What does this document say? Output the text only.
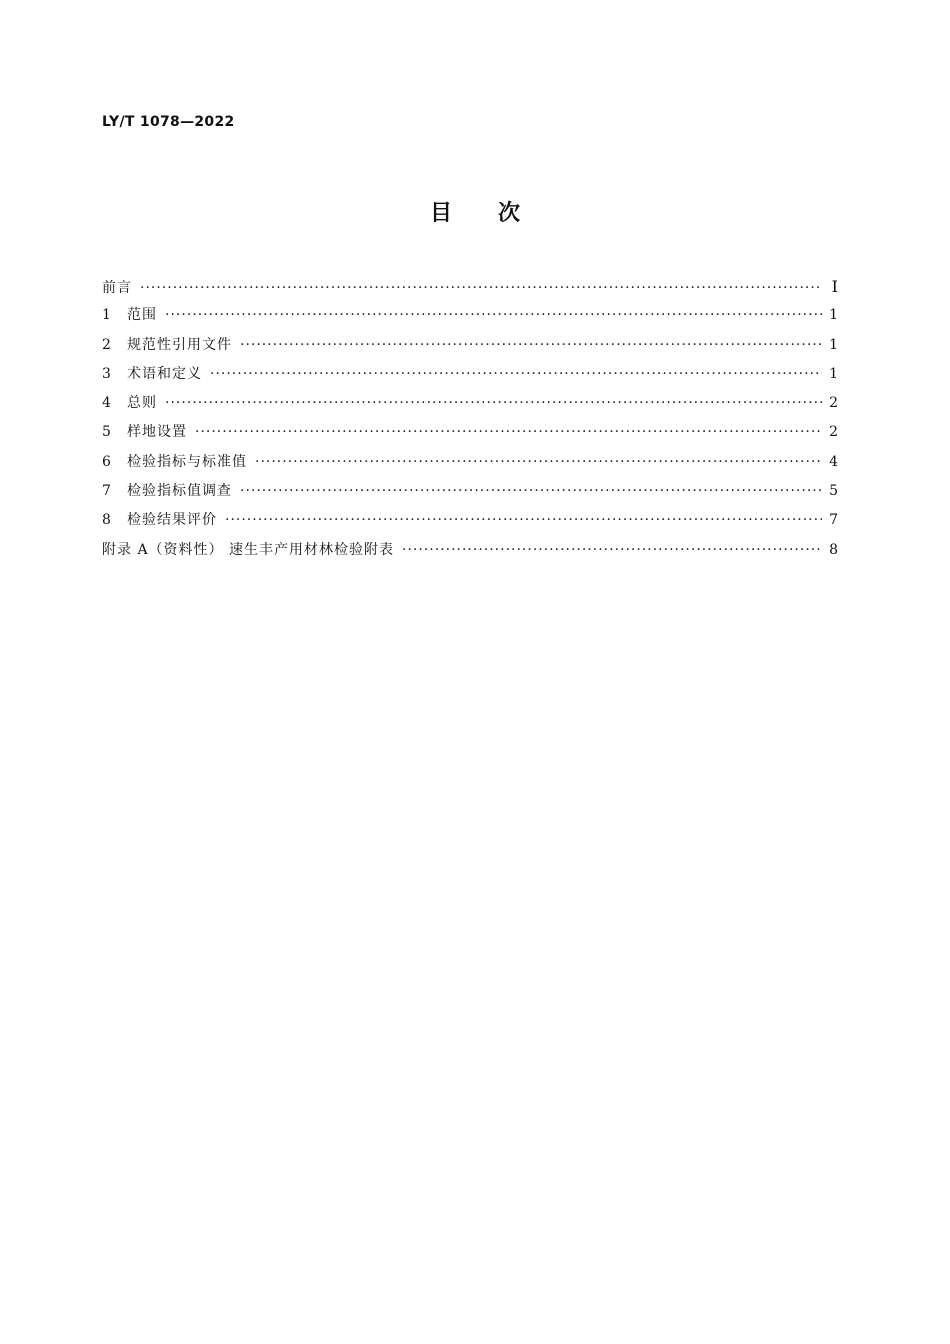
LY/T 1078—2022
目 次
前言 ·····	I
1	范围 ·····	1
2	规范性引用文件 ·····	1
3	术语和定义 ·····	1
4	总则 ·····	2
5	样地设置 ·····	2
6	检验指标与标准值 ·····	4
7	检验指标值调查 ·····	5
8	检验结果评价 ·····	7
附录 A（资料性） 速生丰产用材林检验附表 ·····	8
